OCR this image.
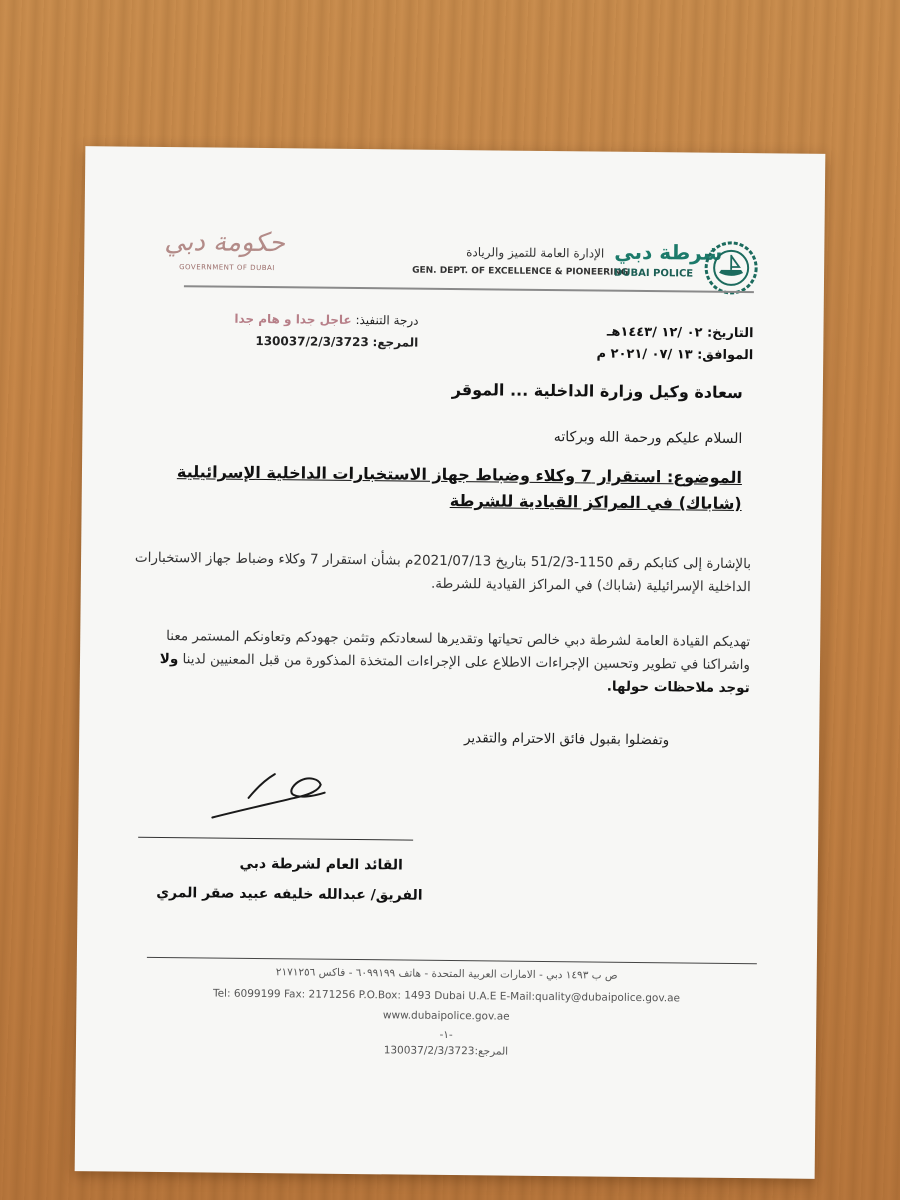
حكومة دبي
GOVERNMENT OF DUBAI
الإدارة العامة للتميز والريادة
GEN. DEPT. OF EXCELLENCE & PIONEERING
شرطة دبي
DUBAI POLICE
التاريخ: ٠٢ /١٢ /١٤٤٣هـ
الموافق: ١٣ /٠٧ /٢٠٢١ م
درجة التنفيذ: عاجل جدا و هام جدا
المرجع: 130037/2/3/3723
سعادة وكيل وزارة الداخلية ... الموقر
السلام عليكم ورحمة الله وبركاته
الموضوع: استقرار 7 وكلاء وضباط جهاز الاستخبارات الداخلية الإسرائيلية (شاباك) في المراكز القيادية للشرطة
بالإشارة إلى كتابكم رقم 1150-51/2/3 بتاريخ 2021/07/13م بشأن استقرار 7 وكلاء وضباط جهاز الاستخبارات الداخلية الإسرائيلية (شاباك) في المراكز القيادية للشرطة.
تهديكم القيادة العامة لشرطة دبي خالص تحياتها وتقديرها لسعادتكم وتثمن جهودكم وتعاونكم المستمر معنا واشراكنا في تطوير وتحسين الإجراءات الاطلاع على الإجراءات المتخذة المذكورة من قبل المعنيين لدينا ولا توجد ملاحظات حولها.
وتفضلوا بقبول فائق الاحترام والتقدير
القائد العام لشرطة دبي
الفريق/ عبدالله خليفه عبيد صقر المري
ص ب ١٤٩٣ دبي - الامارات العربية المتحدة - هاتف ٦٠٩٩١٩٩ - فاكس ٢١٧١٢٥٦
Tel: 6099199 Fax: 2171256 P.O.Box: 1493 Dubai U.A.E E-Mail:quality@dubaipolice.gov.ae
www.dubaipolice.gov.ae
-١-
المرجع:130037/2/3/3723
